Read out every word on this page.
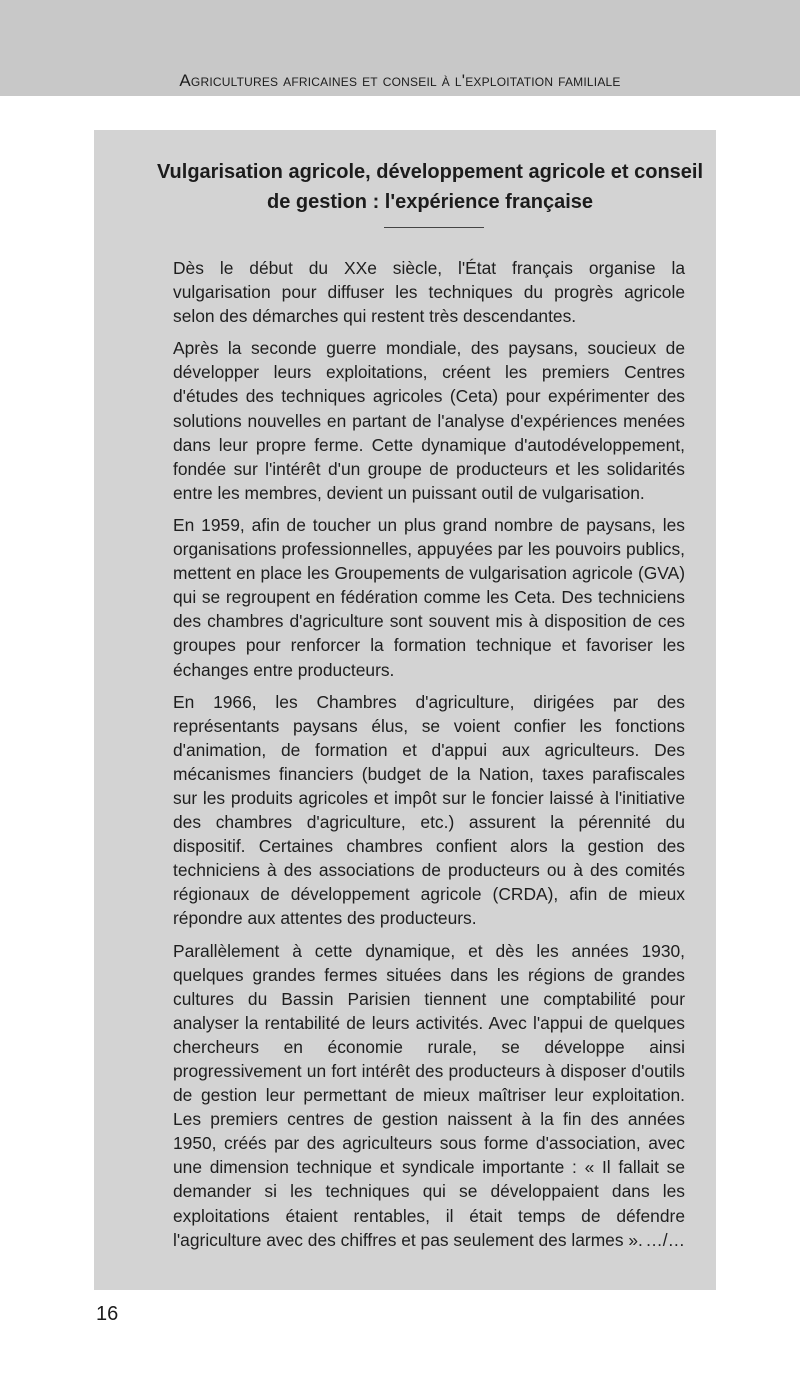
Agricultures africaines et conseil à l'exploitation familiale
Vulgarisation agricole, développement agricole et conseil de gestion : l'expérience française

Dès le début du XXe siècle, l'État français organise la vulgarisation pour diffuser les techniques du progrès agricole selon des démarches qui restent très descendantes.

Après la seconde guerre mondiale, des paysans, soucieux de développer leurs exploitations, créent les premiers Centres d'études des techniques agricoles (Ceta) pour expérimenter des solutions nouvelles en partant de l'analyse d'expériences menées dans leur propre ferme. Cette dynamique d'autodéveloppement, fondée sur l'intérêt d'un groupe de producteurs et les solidarités entre les membres, devient un puissant outil de vulgarisation.

En 1959, afin de toucher un plus grand nombre de paysans, les organisations professionnelles, appuyées par les pouvoirs publics, mettent en place les Groupements de vulgarisation agricole (GVA) qui se regroupent en fédération comme les Ceta. Des techniciens des chambres d'agriculture sont souvent mis à disposition de ces groupes pour renforcer la formation technique et favoriser les échanges entre producteurs.

En 1966, les Chambres d'agriculture, dirigées par des représentants paysans élus, se voient confier les fonctions d'animation, de formation et d'appui aux agriculteurs. Des mécanismes financiers (budget de la Nation, taxes parafiscales sur les produits agricoles et impôt sur le foncier laissé à l'initiative des chambres d'agriculture, etc.) assurent la pérennité du dispositif. Certaines chambres confient alors la gestion des techniciens à des associations de producteurs ou à des comités régionaux de développement agricole (CRDA), afin de mieux répondre aux attentes des producteurs.

Parallèlement à cette dynamique, et dès les années 1930, quelques grandes fermes situées dans les régions de grandes cultures du Bassin Parisien tiennent une comptabilité pour analyser la rentabilité de leurs activités. Avec l'appui de quelques chercheurs en économie rurale, se développe ainsi progressivement un fort intérêt des producteurs à disposer d'outils de gestion leur permettant de mieux maîtriser leur exploitation. Les premiers centres de gestion naissent à la fin des années 1950, créés par des agriculteurs sous forme d'association, avec une dimension technique et syndicale importante : « Il fallait se demander si les techniques qui se développaient dans les exploitations étaient rentables, il était temps de défendre l'agriculture avec des chiffres et pas seulement des larmes ». …/…

16
